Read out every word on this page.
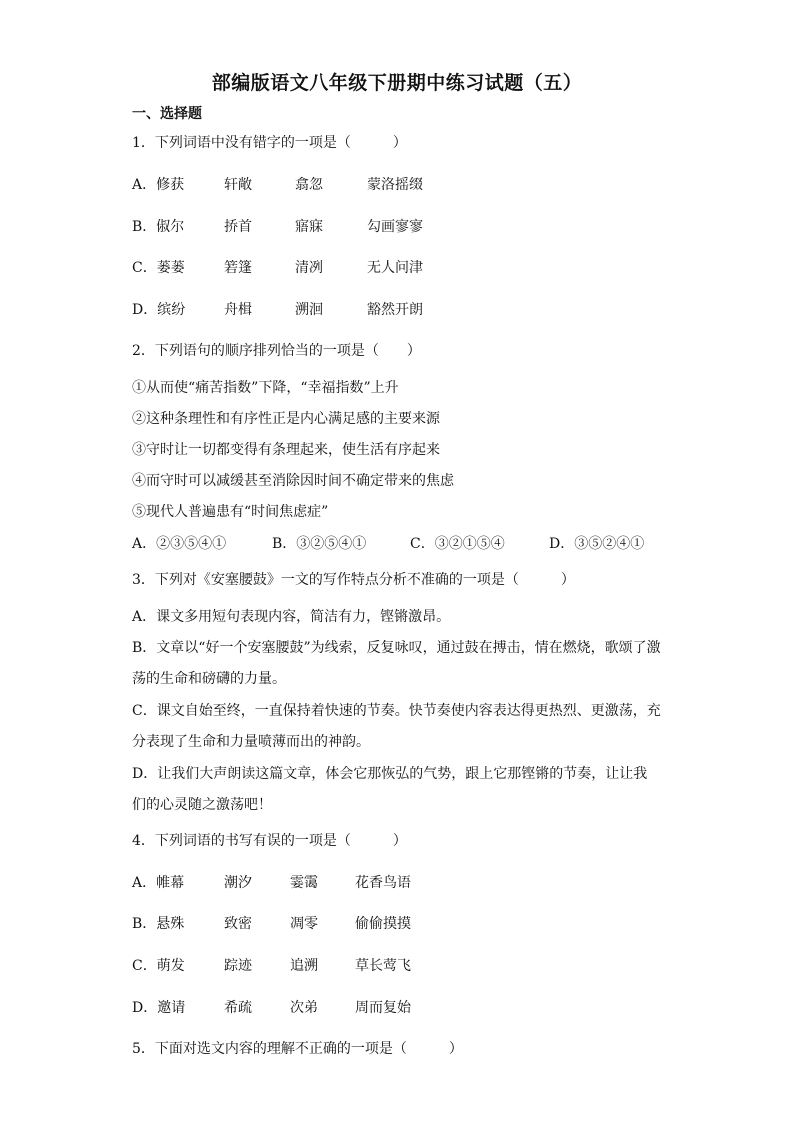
部编版语文八年级下册期中练习试题（五）
一、选择题
1．下列词语中没有错字的一项是（　　　）
A．修获	轩敞	翕忽	蒙洛摇缀
B．俶尔	挢首	寤寐	勾画寥寥
C．蒌蒌	箬篷	清冽	无人问津
D．缤纷	舟楫	溯洄	豁然开朗
2．下列语句的顺序排列恰当的一项是（　　）
①从而使“痛苦指数”下降，“幸福指数”上升
②这种条理性和有序性正是内心满足感的主要来源
③守时让一切都变得有条理起来，使生活有序起来
④而守时可以减缓甚至消除因时间不确定带来的焦虑
⑤现代人普遍患有“时间焦虑症”
A．②③⑤④①	B．③②⑤④①	C．③②①⑤④	D．③⑤②④①
3．下列对《安塞腰鼓》一文的写作特点分析不准确的一项是（　　　）
A．课文多用短句表现内容，简洁有力，铿锵激昂。
B．文章以“好一个安塞腰鼓”为线索，反复咏叹，通过鼓在搏击，情在燃烧，歌颂了激
荡的生命和磅礴的力量。
C．课文自始至终，一直保持着快速的节奏。快节奏使内容表达得更热烈、更激荡，充
分表现了生命和力量喷薄而出的神韵。
D．让我们大声朗读这篇文章，体会它那恢弘的气势，跟上它那铿锵的节奏，让让我
们的心灵随之激荡吧！
4．下列词语的书写有误的一项是（　　　）
A．帷幕	潮汐	霎霭	花香鸟语
B．悬殊	致密	凋零	偷偷摸摸
C．萌发	踪迹	追溯	草长莺飞
D．邀请	希疏	次弟	周而复始
5．下面对选文内容的理解不正确的一项是（　　　）
